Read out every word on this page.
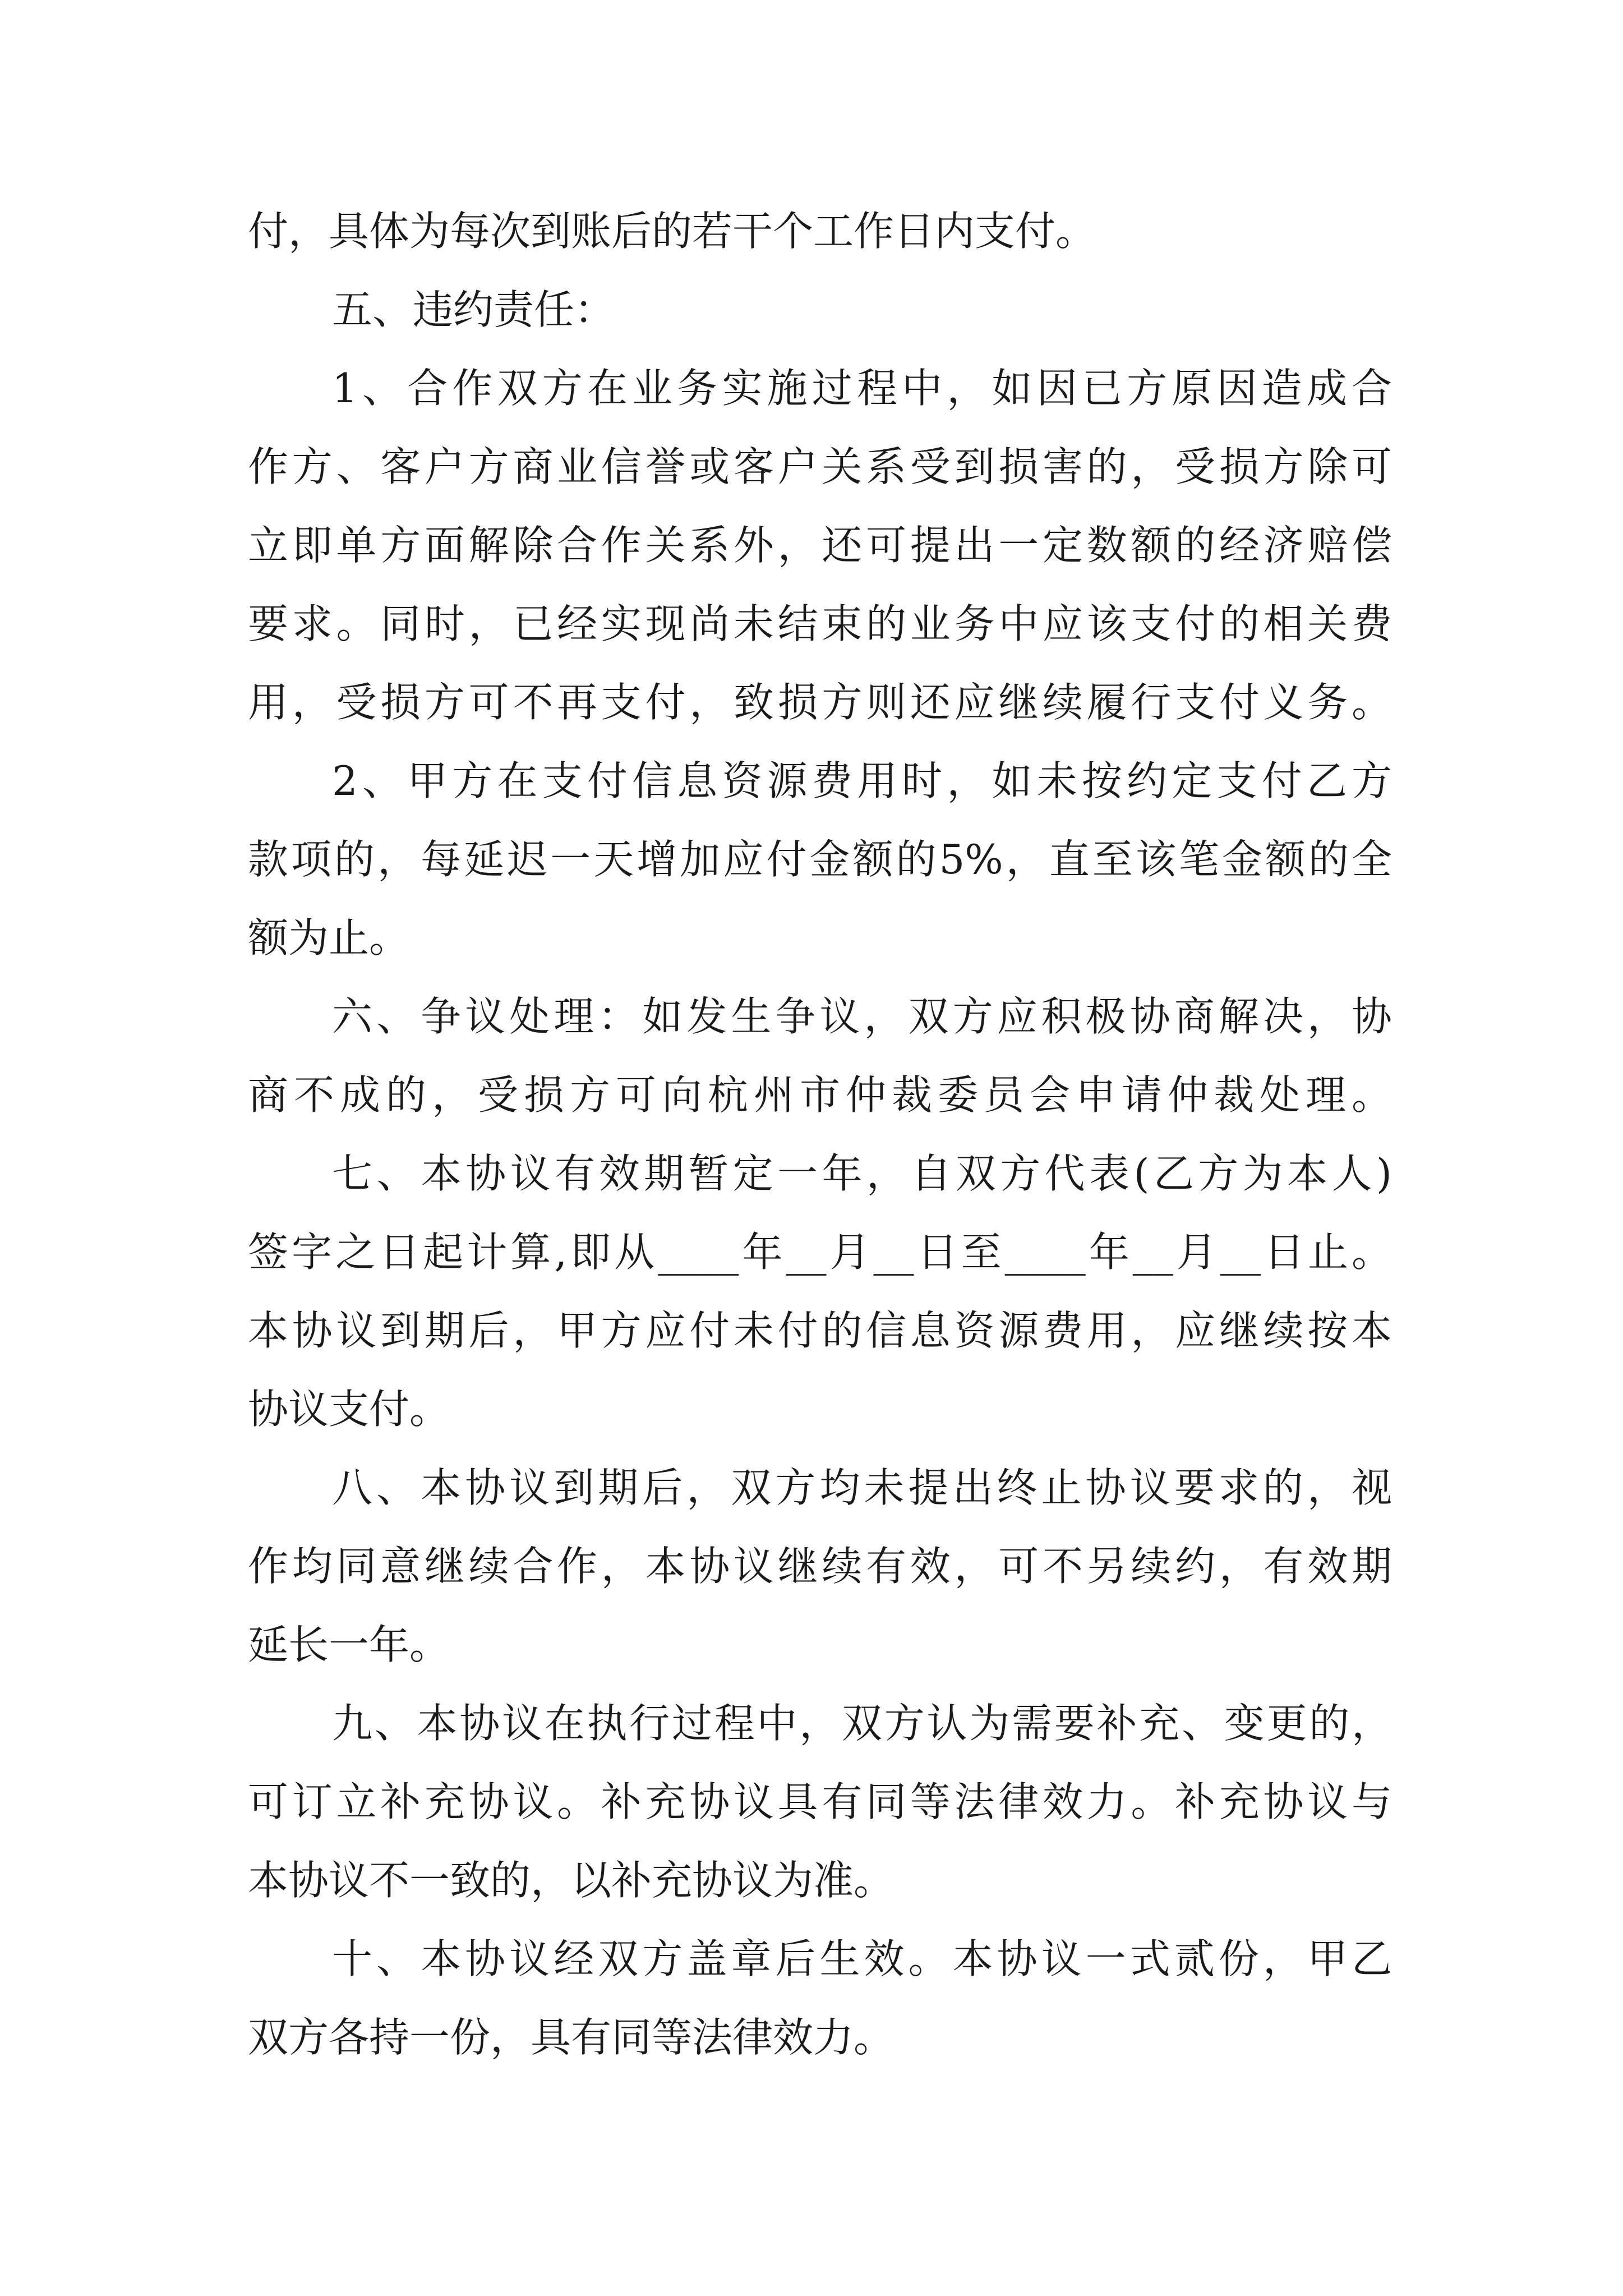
付，具体为每次到账后的若干个工作日内支付。
五、违约责任：
1、合作双方在业务实施过程中，如因已方原因造成合
作方、客户方商业信誉或客户关系受到损害的，受损方除可
立即单方面解除合作关系外，还可提出一定数额的经济赔偿
要求。同时，已经实现尚未结束的业务中应该支付的相关费
用，受损方可不再支付，致损方则还应继续履行支付义务。
2、甲方在支付信息资源费用时，如未按约定支付乙方
款项的，每延迟一天增加应付金额的5%，直至该笔金额的全
额为止。
六、争议处理：如发生争议，双方应积极协商解决，协
商不成的，受损方可向杭州市仲裁委员会申请仲裁处理。
七、本协议有效期暂定一年，自双方代表(乙方为本人)
签字之日起计算,即从____年__月__日至____年__月__日止。
本协议到期后，甲方应付未付的信息资源费用，应继续按本
协议支付。
八、本协议到期后，双方均未提出终止协议要求的，视
作均同意继续合作，本协议继续有效，可不另续约，有效期
延长一年。
九、本协议在执行过程中，双方认为需要补充、变更的，
可订立补充协议。补充协议具有同等法律效力。补充协议与
本协议不一致的，以补充协议为准。
十、本协议经双方盖章后生效。本协议一式贰份，甲乙
双方各持一份，具有同等法律效力。
